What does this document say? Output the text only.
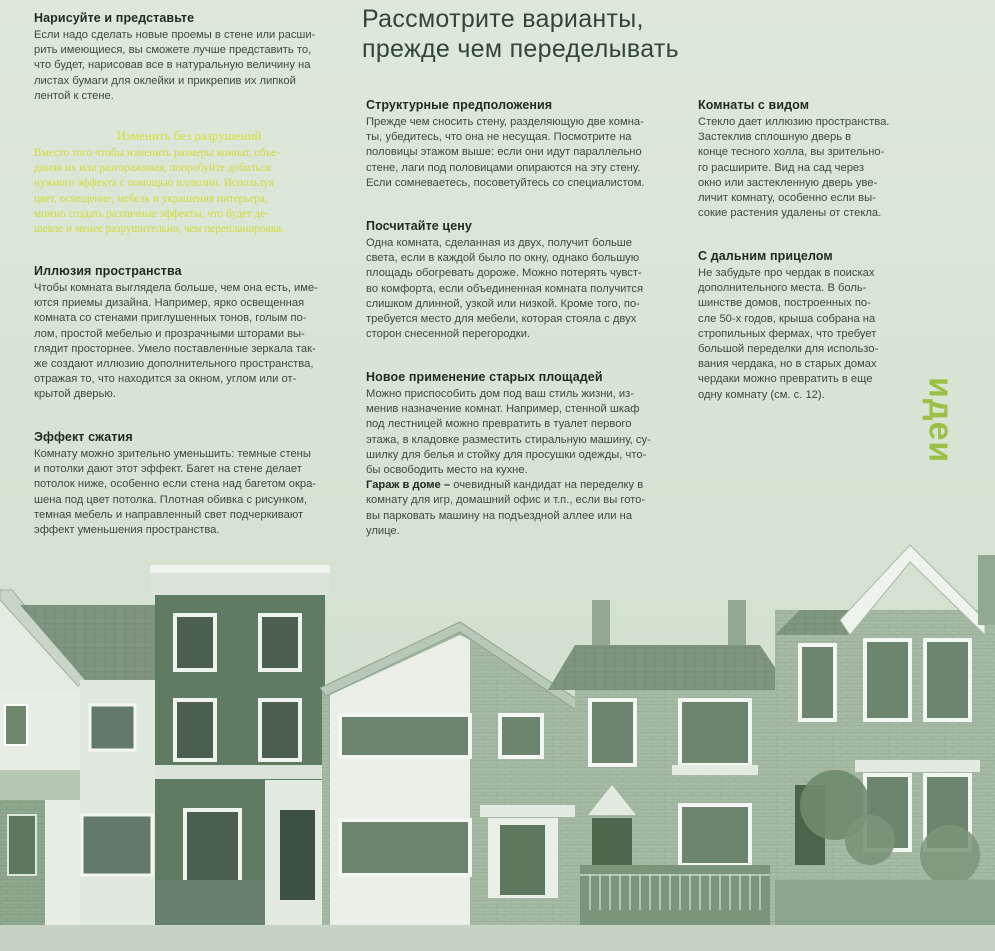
Рассмотрите варианты,
прежде чем переделывать
Нарисуйте и представьте
Если надо сделать новые проемы в стене или расши-
рить имеющиеся, вы сможете лучше представить то,
что будет, нарисовав все в натуральную величину на
листах бумаги для оклейки и прикрепив их липкой
лентой к стене.
Изменить без разрушений
Вместо того чтобы изменить размеры комнат, объе-
диняя их или разгораживая, попробуйте добиться
нужного эффекта с помощью иллюзии. Используя
цвет, освещение, мебель и украшения интерьера,
можно создать различные эффекты, что будет де-
шевле и менее разрушительно, чем перепланировка.
Иллюзия пространства
Чтобы комната выглядела больше, чем она есть, име-
ются приемы дизайна. Например, ярко освещенная
комната со стенами приглушенных тонов, голым по-
лом, простой мебелью и прозрачными шторами вы-
глядит просторнее. Умело поставленные зеркала так-
же создают иллюзию дополнительного пространства,
отражая то, что находится за окном, углом или от-
крытой дверью.
Эффект сжатия
Комнату можно зрительно уменьшить: темные стены
и потолки дают этот эффект. Багет на стене делает
потолок ниже, особенно если стена над багетом окра-
шена под цвет потолка. Плотная обивка с рисунком,
темная мебель и направленный свет подчеркивают
эффект уменьшения пространства.
Структурные предположения
Прежде чем сносить стену, разделяющую две комна-
ты, убедитесь, что она не несущая. Посмотрите на
половицы этажом выше: если они идут параллельно
стене, лаги под половицами опираются на эту стену.
Если сомневаетесь, посоветуйтесь со специалистом.
Посчитайте цену
Одна комната, сделанная из двух, получит больше
света, если в каждой было по окну, однако большую
площадь обогревать дороже. Можно потерять чувст-
во комфорта, если объединенная комната получится
слишком длинной, узкой или низкой. Кроме того, по-
требуется место для мебели, которая стояла с двух
сторон снесенной перегородки.
Новое применение старых площадей
Можно приспособить дом под ваш стиль жизни, из-
менив назначение комнат. Например, стенной шкаф
под лестницей можно превратить в туалет первого
этажа, в кладовке разместить стиральную машину, су-
шилку для белья и стойку для просушки одежды, что-
бы освободить место на кухне.
Гараж в доме – очевидный кандидат на переделку в
комнату для игр, домашний офис и т.п., если вы гото-
вы парковать машину на подъездной аллее или на
улице.
Комнаты с видом
Стекло дает иллюзию пространства.
Застеклив сплошную дверь в
конце тесного холла, вы зрительно-
го расширите. Вид на сад через
окно или застекленную дверь уве-
личит комнату, особенно если вы-
сокие растения удалены от стекла.
С дальним прицелом
Не забудьте про чердак в поисках
дополнительного места. В боль-
шинстве домов, построенных по-
сле 50-х годов, крыша собрана на
стропильных фермах, что требует
большой переделки для использо-
вания чердака, но в старых домах
чердаки можно превратить в еще
одну комнату (см. с. 12).	идеи
